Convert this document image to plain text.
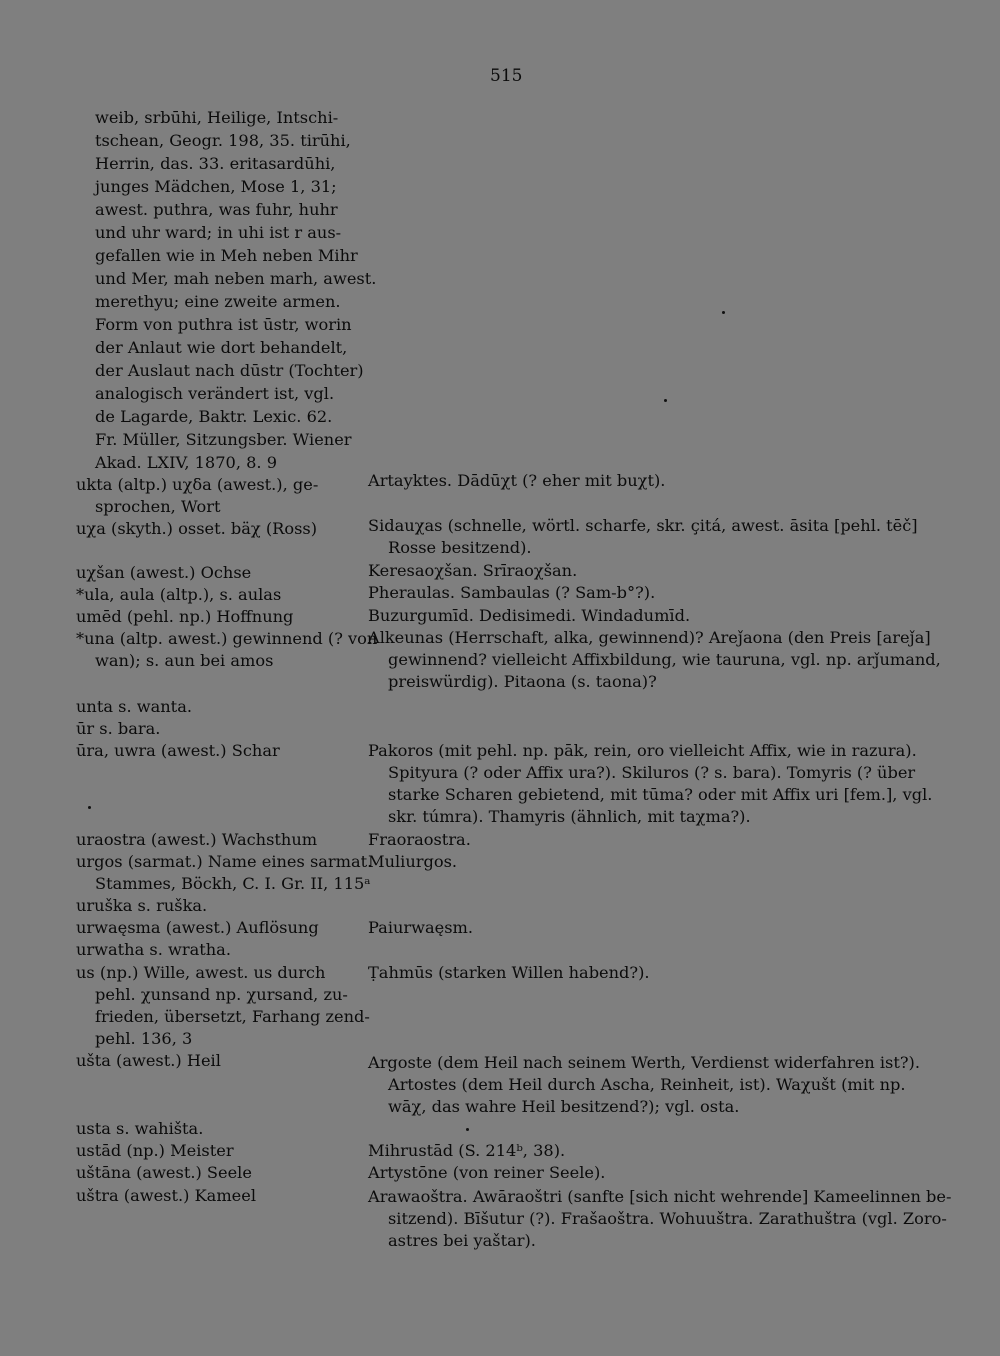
515
weib, srbūhi, Heilige, Intschi-
tschean, Geogr. 198, 35. tirūhi,
Herrin, das. 33. eritasardūhi,
junges Mädchen, Mose 1, 31;
awest. puthra, was fuhr, huhr
und uhr ward; in uhi ist r aus-
gefallen wie in Meh neben Mihr
und Mer, mah neben marh, awest.
merethyu; eine zweite armen.
Form von puthra ist ūstr, worin
der Anlaut wie dort behandelt,
der Auslaut nach dūstr (Tochter)
analogisch verändert ist, vgl.
de Lagarde, Baktr. Lexic. 62.
Fr. Müller, Sitzungsber. Wiener
Akad. LXIV, 1870, 8. 9
ukta (altp.) uχδa (awest.), ge-
sprochen, Wort
uχa (skyth.) osset. bäχ (Ross)
uχšan (awest.) Ochse
*ula, aula (altp.), s. aulas
umēd (pehl. np.) Hoffnung
*una (altp. awest.) gewinnend (? von
wan); s. aun bei amos
unta s. wanta.
ūr s. bara.
ūra, uwra (awest.) Schar
uraostra (awest.) Wachsthum
urgos (sarmat.) Name eines sarmat.
Stammes, Böckh, C. I. Gr. II, 115ᵃ
uruška s. ruška.
urwaęsma (awest.) Auflösung
urwatha s. wratha.
us (np.) Wille, awest. us durch
pehl. χunsand np. χursand, zu-
frieden, übersetzt, Farhang zend-
pehl. 136, 3
ušta (awest.) Heil
usta s. wahišta.
ustād (np.) Meister
uštāna (awest.) Seele
uštra (awest.) Kameel
Artayktes. Dādūχt (? eher mit buχt).
Sidauχas (schnelle, wörtl. scharfe, skr. çitá, awest. āsita [pehl. tēč]
Rosse besitzend).
Keresaoχšan. Srīraoχšan.
Pheraulas. Sambaulas (? Sam-b°?).
Buzurgumīd. Dedisimedi. Windadumīd.
Alkeunas (Herrschaft, alka, gewinnend)? Areǰaona (den Preis [areǰa]
gewinnend? vielleicht Affixbildung, wie tauruna, vgl. np. arǰumand,
preiswürdig). Pitaona (s. taona)?
Pakoros (mit pehl. np. pāk, rein, oro vielleicht Affix, wie in razura).
Spityura (? oder Affix ura?). Skiluros (? s. bara). Tomyris (? über
starke Scharen gebietend, mit tūma? oder mit Affix uri [fem.], vgl.
skr. túmra). Thamyris (ähnlich, mit taχma?).
Fraoraostra.
Muliurgos.
Paiurwaęsm.
Ṭahmūs (starken Willen habend?).
Argoste (dem Heil nach seinem Werth, Verdienst widerfahren ist?).
Artostes (dem Heil durch Ascha, Reinheit, ist). Waχušt (mit np.
wāχ, das wahre Heil besitzend?); vgl. osta.
Mihrustād (S. 214ᵇ, 38).
Artystōne (von reiner Seele).
Arawaoštra. Awāraoštri (sanfte [sich nicht wehrende] Kameelinnen be-
sitzend). Bīšutur (?). Frašaoštra. Wohuuštra. Zarathuštra (vgl. Zoro-
astres bei yaštar).
